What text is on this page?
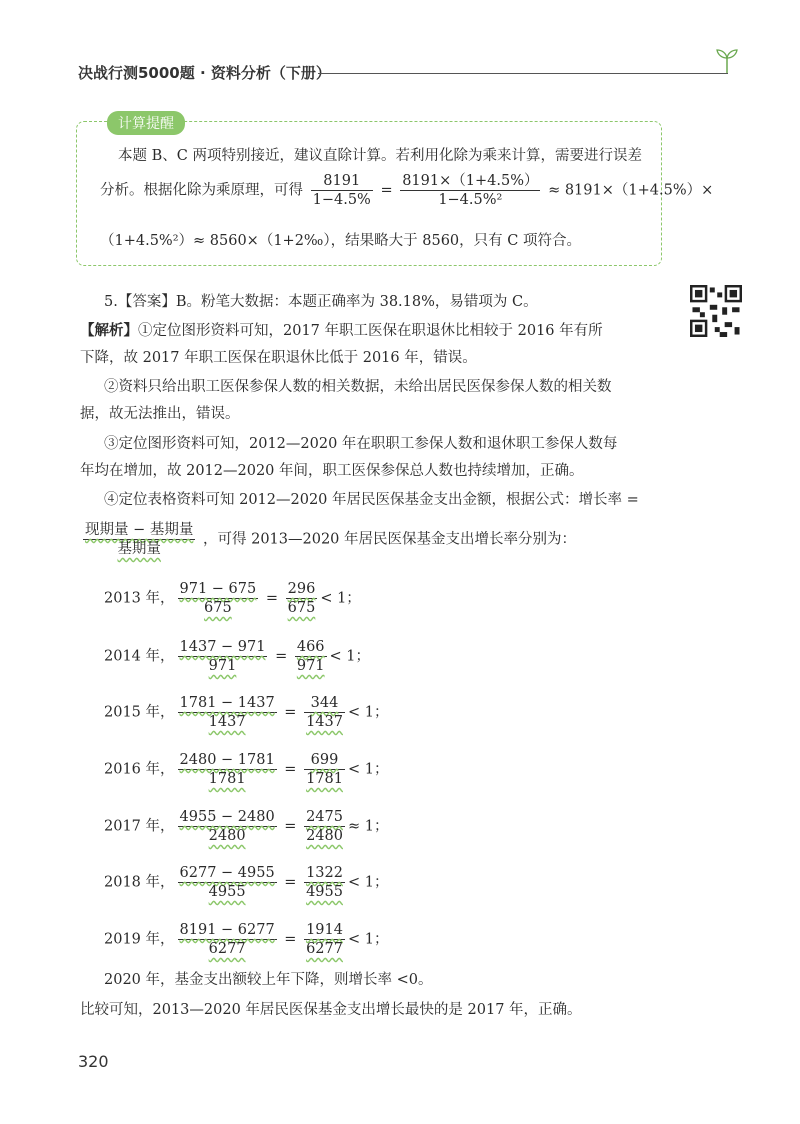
决战行测5000题 · 资料分析（下册）
计算提醒
本题 B、C 两项特别接近，建议直除计算。若利用化除为乘来计算，需要进行误差
分析。根据化除为乘原理，可得 $\frac{8191}{1-4.5\%} = \frac{8191\times(1+4.5\%)}{\text{1−4.5\%²}} \approx 8191\times(1+4.5\%)\times$
（1+4.5%²）≈ 8560×（1+2‰），结果略大于 8560，只有 C 项符合。
5.【答案】B。粉笔大数据：本题正确率为 38.18%，易错项为 C。
【解析】①定位图形资料可知，2017 年职工医保在职退休比相较于 2016 年有所
下降，故 2017 年职工医保在职退休比低于 2016 年，错误。
②资料只给出职工医保参保人数的相关数据，未给出居民医保参保人数的相关数
据，故无法推出，错误。
③定位图形资料可知，2012—2020 年在职职工参保人数和退休职工参保人数每
年均在增加，故 2012—2020 年间，职工医保参保总人数也持续增加，正确。
④定位表格资料可知 2012—2020 年居民医保基金支出金额，根据公式：增长率 =
$\frac{\text{现期量 − 基期量}}{\text{基期量}}$ ，可得 2013—2020 年居民医保基金支出增长率分别为：
2013 年， $\frac{971 - 675}{675} = \frac{296}{675} < 1$；
2014 年， $\frac{1437 - 971}{971} = \frac{466}{971} < 1$；
2015 年， $\frac{1781 - 1437}{1437} = \frac{344}{1437} < 1$；
2016 年， $\frac{2480 - 1781}{1781} = \frac{699}{1781} < 1$；
2017 年， $\frac{4955 - 2480}{2480} = \frac{2475}{2480} \approx 1$；
2018 年， $\frac{6277 - 4955}{4955} = \frac{1322}{4955} < 1$；
2019 年， $\frac{8191 - 6277}{6277} = \frac{1914}{6277} < 1$；
2020 年，基金支出额较上年下降，则增长率 <0。
比较可知，2013—2020 年居民医保基金支出增长最快的是 2017 年，正确。
320
